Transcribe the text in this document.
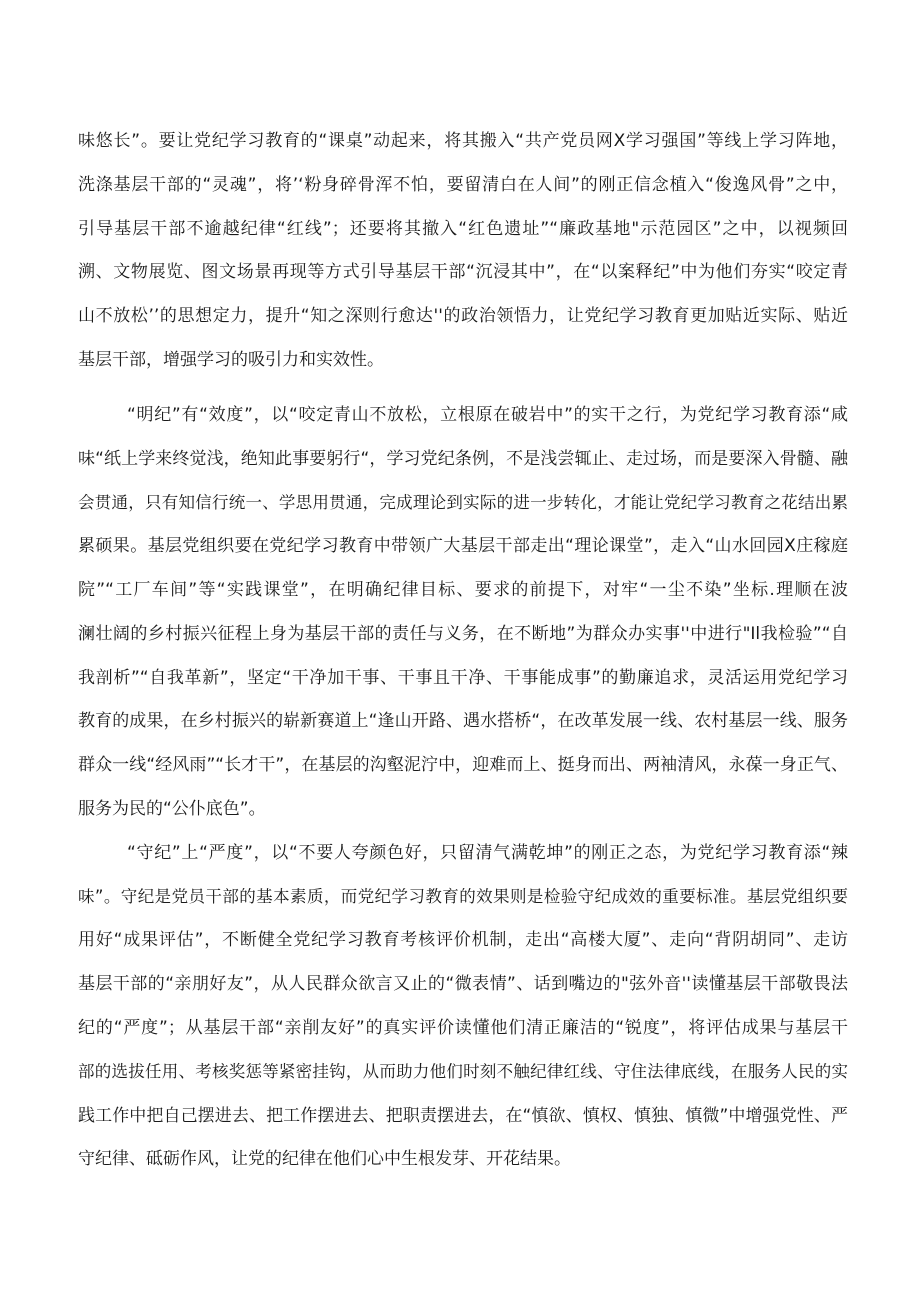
味悠长”。要让党纪学习教育的“课桌”动起来，将其搬入“共产党员网X学习强国”等线上学习阵地，
洗涤基层干部的“灵魂”，将’‘粉身碎骨浑不怕，要留清白在人间”的刚正信念植入“俊逸风骨”之中，
引导基层干部不逾越纪律“红线”；还要将其撤入“红色遗址”“廉政基地"示范园区”之中，以视频回
溯、文物展览、图文场景再现等方式引导基层干部“沉浸其中”，在“以案释纪”中为他们夯实“咬定青
山不放松’’的思想定力，提升“知之深则行愈达''的政治领悟力，让党纪学习教育更加贴近实际、贴近
基层干部，增强学习的吸引力和实效性。
“明纪”有“效度”，以“咬定青山不放松，立根原在破岩中”的实干之行，为党纪学习教育添“咸
味“纸上学来终觉浅，绝知此事要躬行“，学习党纪条例，不是浅尝辄止、走过场，而是要深入骨髓、融
会贯通，只有知信行统一、学思用贯通，完成理论到实际的进一步转化，才能让党纪学习教育之花结出累
累硕果。基层党组织要在党纪学习教育中带领广大基层干部走出“理论课堂”，走入“山水回园X庄稼庭
院”“工厂车间”等“实践课堂”，在明确纪律目标、要求的前提下，对牢“一尘不染”坐标.理顺在波
澜壮阔的乡村振兴征程上身为基层干部的责任与义务，在不断地”为群众办实事''中进行"Il我检验”“自
我剖析”“自我革新”，坚定“干净加干事、干事且干净、干事能成事”的勤廉追求，灵活运用党纪学习
教育的成果，在乡村振兴的崭新赛道上“逢山开路、遇水搭桥“，在改革发展一线、农村基层一线、服务
群众一线“经风雨”“长才干”，在基层的沟壑泥泞中，迎难而上、挺身而出、两袖清风，永葆一身正气、
服务为民的“公仆底色”。
“守纪”上“严度”，以“不要人夸颜色好，只留清气满乾坤”的刚正之态，为党纪学习教育添“辣
味”。守纪是党员干部的基本素质，而党纪学习教育的效果则是检验守纪成效的重要标准。基层党组织要
用好“成果评估”，不断健全党纪学习教育考核评价机制，走出“高楼大厦”、走向“背阴胡同”、走访
基层干部的“亲朋好友”，从人民群众欲言又止的“微表情”、话到嘴边的"弦外音''读懂基层干部敬畏法
纪的“严度”；从基层干部“亲削友好”的真实评价读懂他们清正廉洁的“锐度”，将评估成果与基层干
部的选拔任用、考核奖惩等紧密挂钩，从而助力他们时刻不触纪律红线、守住法律底线，在服务人民的实
践工作中把自己摆进去、把工作摆进去、把职责摆进去，在“慎欲、慎权、慎独、慎微”中增强党性、严
守纪律、砥砺作风，让党的纪律在他们心中生根发芽、开花结果。
